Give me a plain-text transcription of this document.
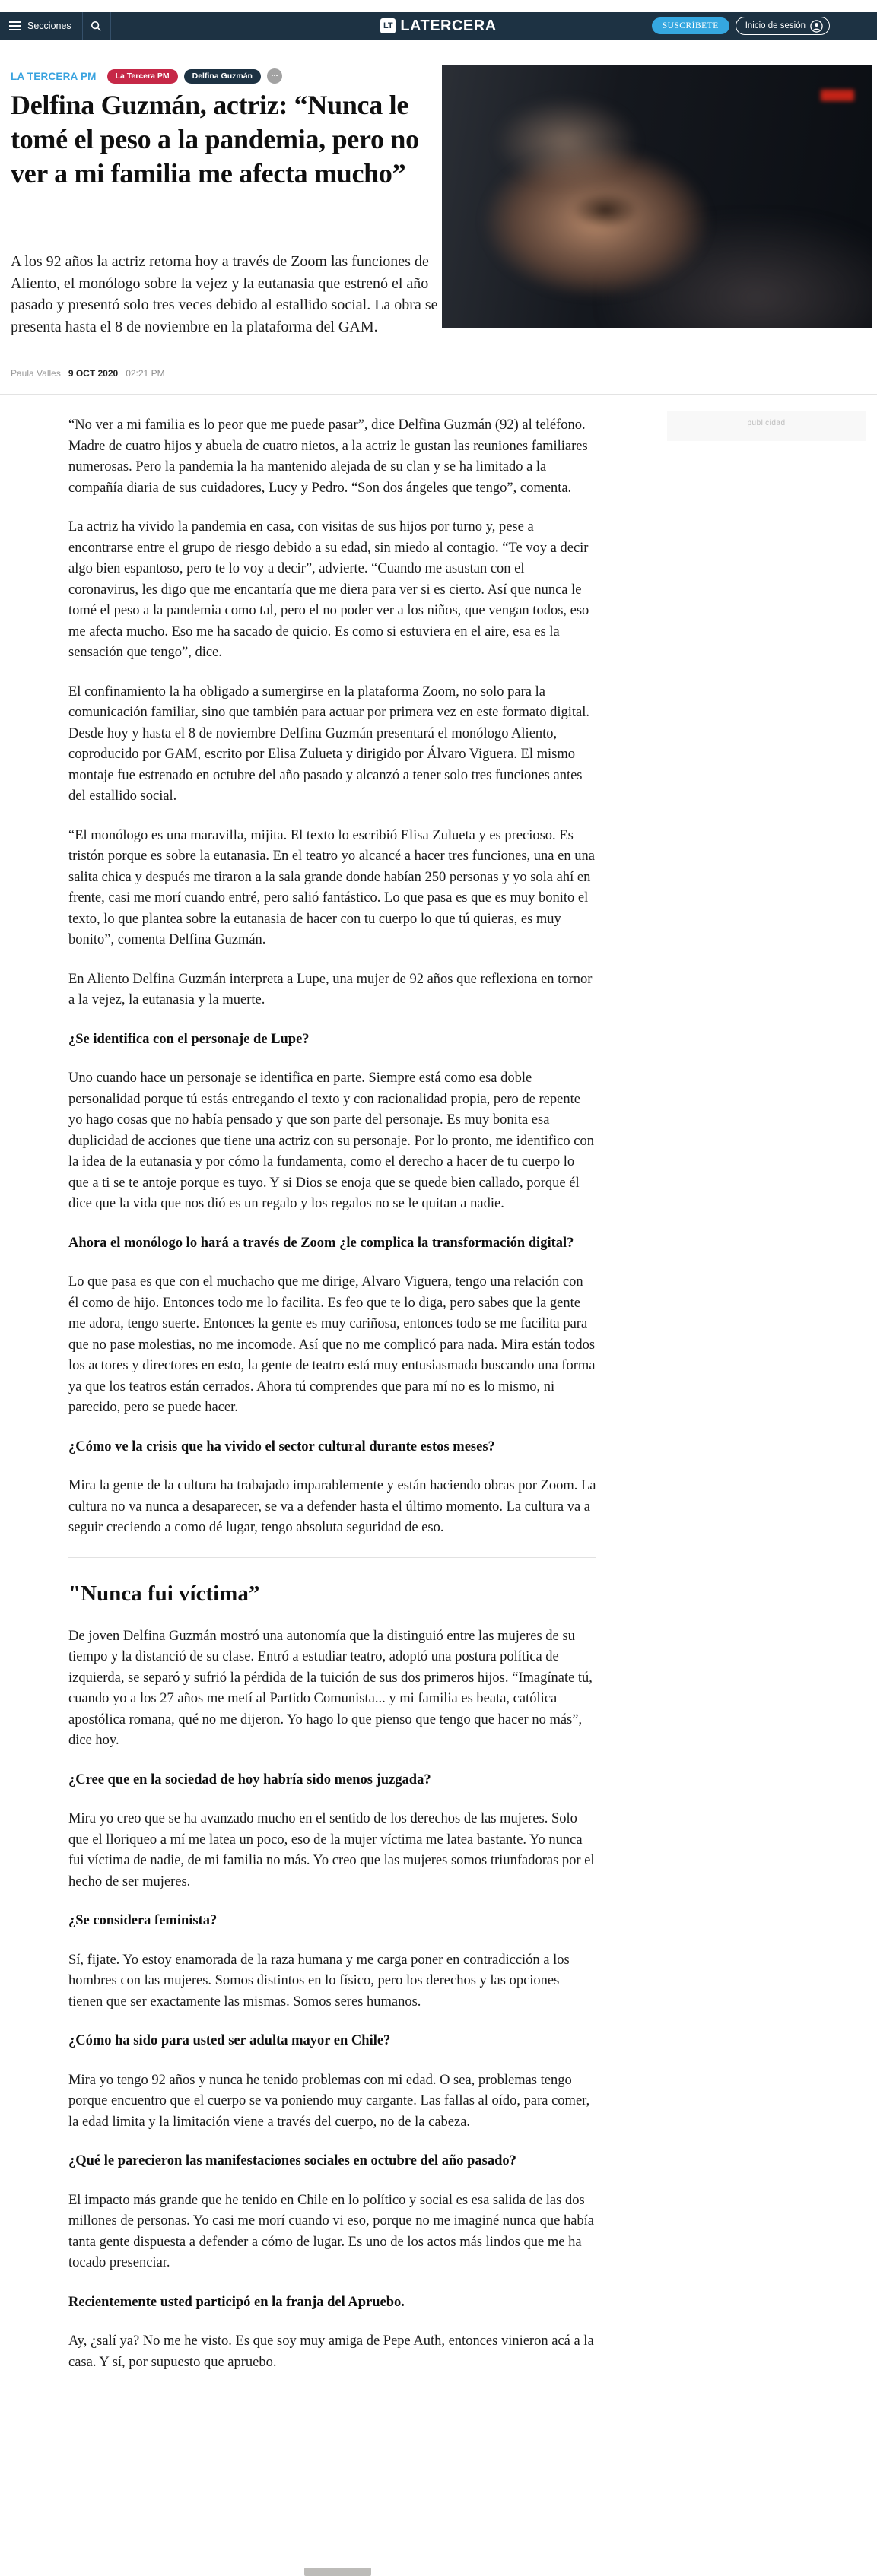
Secciones	LT LATERCERA	SUSCRÍBETE	Inicio de sesión
LA TERCERA PM	La Tercera PM	Delfina Guzmán	...
Delfina Guzmán, actriz: “Nunca le tomé el peso a la pandemia, pero no ver a mi familia me afecta mucho”

A los 92 años la actriz retoma hoy a través de Zoom las funciones de Aliento, el monólogo sobre la vejez y la eutanasia que estrenó el año pasado y presentó solo tres veces debido al estallido social. La obra se presenta hasta el 8 de noviembre en la plataforma del GAM.

Paula Valles 9 OCT 2020 02:21 PM
publicidad

“No ver a mi familia es lo peor que me puede pasar”, dice Delfina Guzmán (92) al teléfono. Madre de cuatro hijos y abuela de cuatro nietos, a la actriz le gustan las reuniones familiares numerosas. Pero la pandemia la ha mantenido alejada de su clan y se ha limitado a la compañía diaria de sus cuidadores, Lucy y Pedro. “Son dos ángeles que tengo”, comenta.

La actriz ha vivido la pandemia en casa, con visitas de sus hijos por turno y, pese a encontrarse entre el grupo de riesgo debido a su edad, sin miedo al contagio. “Te voy a decir algo bien espantoso, pero te lo voy a decir”, advierte. “Cuando me asustan con el coronavirus, les digo que me encantaría que me diera para ver si es cierto. Así que nunca le tomé el peso a la pandemia como tal, pero el no poder ver a los niños, que vengan todos, eso me afecta mucho. Eso me ha sacado de quicio. Es como si estuviera en el aire, esa es la sensación que tengo”, dice.

El confinamiento la ha obligado a sumergirse en la plataforma Zoom, no solo para la comunicación familiar, sino que también para actuar por primera vez en este formato digital. Desde hoy y hasta el 8 de noviembre Delfina Guzmán presentará el monólogo Aliento, coproducido por GAM, escrito por Elisa Zulueta y dirigido por Álvaro Viguera. El mismo montaje fue estrenado en octubre del año pasado y alcanzó a tener solo tres funciones antes del estallido social.

“El monólogo es una maravilla, mijita. El texto lo escribió Elisa Zulueta y es precioso. Es tristón porque es sobre la eutanasia. En el teatro yo alcancé a hacer tres funciones, una en una salita chica y después me tiraron a la sala grande donde habían 250 personas y yo sola ahí en frente, casi me morí cuando entré, pero salió fantástico. Lo que pasa es que es muy bonito el texto, lo que plantea sobre la eutanasia de hacer con tu cuerpo lo que tú quieras, es muy bonito”, comenta Delfina Guzmán.

En Aliento Delfina Guzmán interpreta a Lupe, una mujer de 92 años que reflexiona en tornor a la vejez, la eutanasia y la muerte.

¿Se identifica con el personaje de Lupe?

Uno cuando hace un personaje se identifica en parte. Siempre está como esa doble personalidad porque tú estás entregando el texto y con racionalidad propia, pero de repente yo hago cosas que no había pensado y que son parte del personaje. Es muy bonita esa duplicidad de acciones que tiene una actriz con su personaje. Por lo pronto, me identifico con la idea de la eutanasia y por cómo la fundamenta, como el derecho a hacer de tu cuerpo lo que a ti se te antoje porque es tuyo. Y si Dios se enoja que se quede bien callado, porque él dice que la vida que nos dió es un regalo y los regalos no se le quitan a nadie.

Ahora el monólogo lo hará a través de Zoom ¿le complica la transformación digital?

Lo que pasa es que con el muchacho que me dirige, Alvaro Viguera, tengo una relación con él como de hijo. Entonces todo me lo facilita. Es feo que te lo diga, pero sabes que la gente me adora, tengo suerte. Entonces la gente es muy cariñosa, entonces todo se me facilita para que no pase molestias, no me incomode. Así que no me complicó para nada. Mira están todos los actores y directores en esto, la gente de teatro está muy entusiasmada buscando una forma ya que los teatros están cerrados. Ahora tú comprendes que para mí no es lo mismo, ni parecido, pero se puede hacer.

¿Cómo ve la crisis que ha vivido el sector cultural durante estos meses?

Mira la gente de la cultura ha trabajado imparablemente y están haciendo obras por Zoom. La cultura no va nunca a desaparecer, se va a defender hasta el último momento. La cultura va a seguir creciendo a como dé lugar, tengo absoluta seguridad de eso.

"Nunca fui víctima”

De joven Delfina Guzmán mostró una autonomía que la distinguió entre las mujeres de su tiempo y la distanció de su clase. Entró a estudiar teatro, adoptó una postura política de izquierda, se separó y sufrió la pérdida de la tuición de sus dos primeros hijos. “Imagínate tú, cuando yo a los 27 años me metí al Partido Comunista... y mi familia es beata, católica apostólica romana, qué no me dijeron. Yo hago lo que pienso que tengo que hacer no más”, dice hoy.

¿Cree que en la sociedad de hoy habría sido menos juzgada?

Mira yo creo que se ha avanzado mucho en el sentido de los derechos de las mujeres. Solo que el lloriqueo a mí me latea un poco, eso de la mujer víctima me latea bastante. Yo nunca fui víctima de nadie, de mi familia no más. Yo creo que las mujeres somos triunfadoras por el hecho de ser mujeres.

¿Se considera feminista?

Sí, fijate. Yo estoy enamorada de la raza humana y me carga poner en contradicción a los hombres con las mujeres. Somos distintos en lo físico, pero los derechos y las opciones tienen que ser exactamente las mismas. Somos seres humanos.

¿Cómo ha sido para usted ser adulta mayor en Chile?

Mira yo tengo 92 años y nunca he tenido problemas con mi edad. O sea, problemas tengo porque encuentro que el cuerpo se va poniendo muy cargante. Las fallas al oído, para comer, la edad limita y la limitación viene a través del cuerpo, no de la cabeza.

¿Qué le parecieron las manifestaciones sociales en octubre del año pasado?

El impacto más grande que he tenido en Chile en lo político y social es esa salida de las dos millones de personas. Yo casi me morí cuando vi eso, porque no me imaginé nunca que había tanta gente dispuesta a defender a cómo de lugar. Es uno de los actos más lindos que me ha tocado presenciar.

Recientemente usted participó en la franja del Apruebo.

Ay, ¿salí ya? No me he visto. Es que soy muy amiga de Pepe Auth, entonces vinieron acá a la casa. Y sí, por supuesto que apruebo.
